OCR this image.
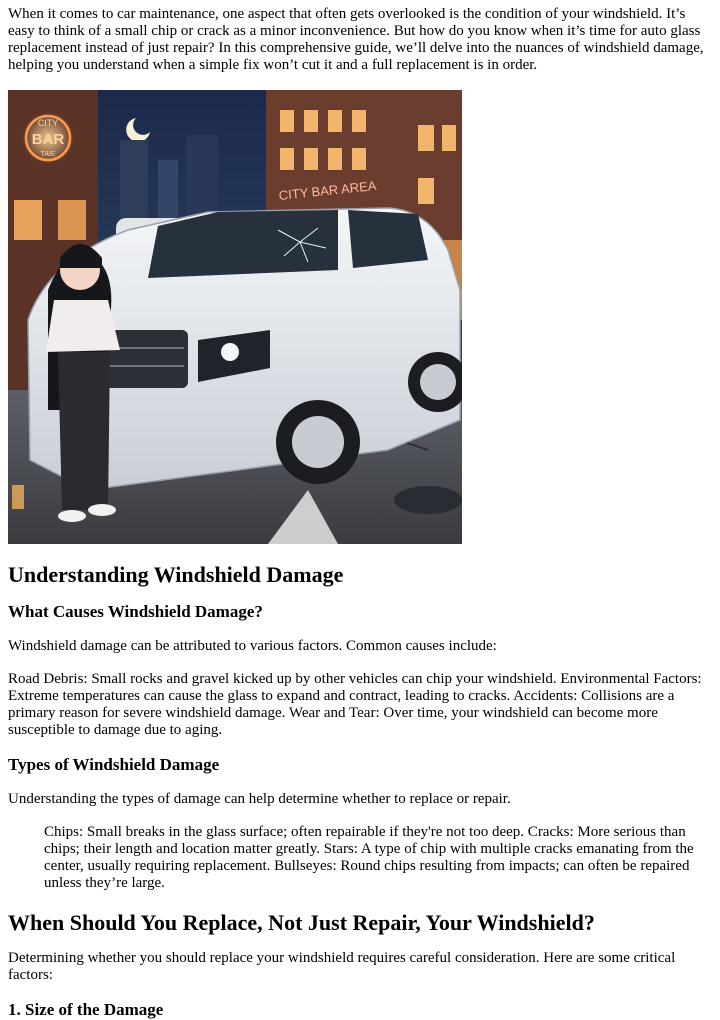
When it comes to car maintenance, one aspect that often gets overlooked is the condition of your windshield. It’s easy to think of a small chip or crack as a minor inconvenience. But how do you know when it’s time for auto glass replacement instead of just repair? In this comprehensive guide, we’ll delve into the nuances of windshield damage, helping you understand when a simple fix won’t cut it and a full replacement is in order.

CITY
BAR
TAIE
CITY BAR AREA
Understanding Windshield Damage
What Causes Windshield Damage?

Windshield damage can be attributed to various factors. Common causes include:

Road Debris: Small rocks and gravel kicked up by other vehicles can chip your windshield. Environmental Factors: Extreme temperatures can cause the glass to expand and contract, leading to cracks. Accidents: Collisions are a primary reason for severe windshield damage. Wear and Tear: Over time, your windshield can become more susceptible to damage due to aging.

Types of Windshield Damage

Understanding the types of damage can help determine whether to replace or repair.

Chips: Small breaks in the glass surface; often repairable if they're not too deep. Cracks: More serious than chips; their length and location matter greatly. Stars: A type of chip with multiple cracks emanating from the center, usually requiring replacement. Bullseyes: Round chips resulting from impacts; can often be repaired unless they’re large.
When Should You Replace, Not Just Repair, Your Windshield?

Determining whether you should replace your windshield requires careful consideration. Here are some critical factors:

1. Size of the Damage
